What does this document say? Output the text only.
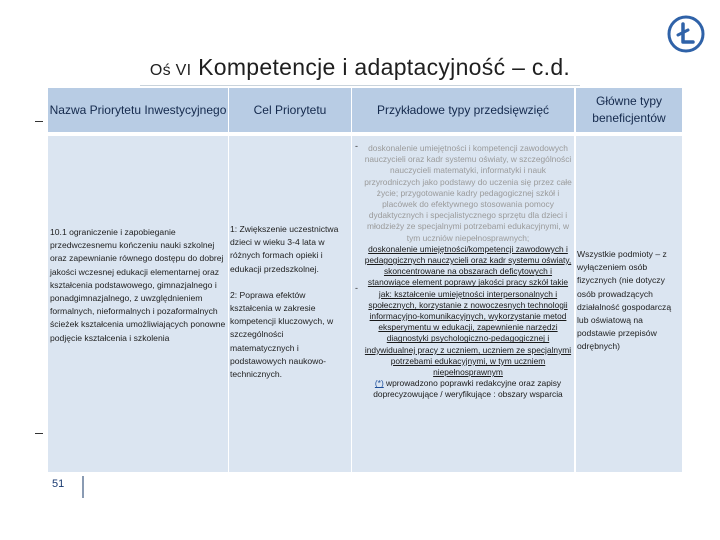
Oś VI Kompetencje i adaptacyjność – c.d.
Nazwa Priorytetu Inwestycyjnego Cel Priorytetu	Przykładowe typy przedsięwzięć
Główne typy beneficjentów
10.1 ograniczenie i zapobieganie przedwczesnemu kończeniu nauki szkolnej oraz zapewnianie równego dostępu do dobrej jakości wczesnej edukacji elementarnej oraz kształcenia podstawowego, gimnazjalnego i ponadgimnazjalnego, z uwzględnieniem formalnych, nieformalnych i pozaformalnych ścieżek kształcenia umożliwiających ponowne podjęcie kształcenia i szkolenia
1: Zwiększenie uczestnictwa dzieci w wieku 3-4 lata w różnych formach opieki i edukacji przedszkolnej.
2: Poprawa efektów kształcenia w zakresie kompetencji kluczowych, w szczególności matematycznych i podstawowych naukowo-technicznych.
-
-
doskonalenie umiejętności i kompetencji zawodowych nauczycieli oraz kadr systemu oświaty, w szczególności nauczycieli matematyki, informatyki i nauk przyrodniczych jako podstawy do uczenia się przez całe życie; przygotowanie kadry pedagogicznej szkół i placówek do efektywnego stosowania pomocy dydaktycznych i specjalistycznego sprzętu dla dzieci i młodzieży ze specjalnymi potrzebami edukacyjnymi, w tym uczniów niepełnosprawnych;
doskonalenie umiejętności/kompetencji zawodowych i pedagogicznych nauczycieli oraz kadr systemu oświaty, skoncentrowane na obszarach deficytowych i stanowiące element poprawy jakości pracy szkół takie jak: kształcenie umiejętności interpersonalnych i społecznych, korzystanie z nowoczesnych technologii informacyjno-komunikacyjnych, wykorzystanie metod eksperymentu w edukacji, zapewnienie narzędzi diagnostyki psychologiczno-pedagogicznej i indywidualnej pracy z uczniem, uczniem ze specjalnymi potrzebami edukacyjnymi, w tym uczniem niepełnosprawnym
(*) wprowadzono poprawki redakcyjne oraz zapisy doprecyzowujące / weryfikujące : obszary wsparcia
Wszystkie podmioty – z wyłączeniem osób fizycznych (nie dotyczy osób prowadzących działalność gospodarczą lub oświatową na podstawie przepisów odrębnych)
51
